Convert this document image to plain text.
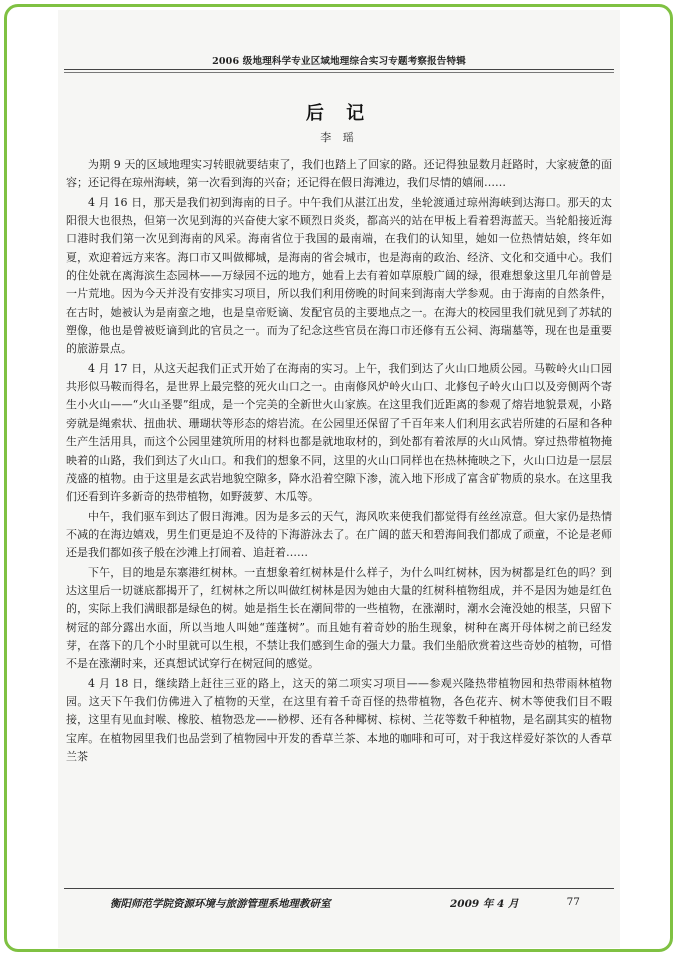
2006 级地理科学专业区域地理综合实习专题考察报告特辑
后 记
李 瑶

为期 9 天的区域地理实习转眼就要结束了，我们也踏上了回家的路。还记得独显数月赶路时，大家疲惫的面容；还记得在琼州海峡，第一次看到海的兴奋；还记得在假日海滩边，我们尽情的嬉闹……

4 月 16 日，那天是我们初到海南的日子。中午我们从湛江出发，坐轮渡通过琼州海峡到达海口。那天的太阳很大也很热，但第一次见到海的兴奋使大家不顾烈日炎炎，都高兴的站在甲板上看着碧海蓝天。当轮船接近海口港时我们第一次见到海南的风采。海南省位于我国的最南端，在我们的认知里，她如一位热情姑娘，终年如夏，欢迎着远方来客。海口市又叫做椰城，是海南的省会城市，也是海南的政治、经济、文化和交通中心。我们的住处就在离海滨生态园林——万绿园不远的地方，她看上去有着如草原般广阔的绿，很难想象这里几年前曾是一片荒地。因为今天并没有安排实习项目，所以我们利用傍晚的时间来到海南大学参观。由于海南的自然条件，在古时，她被认为是南蛮之地，也是皇帝贬谪、发配官员的主要地点之一。在海大的校园里我们就见到了苏轼的塑像，他也是曾被贬谪到此的官员之一。而为了纪念这些官员在海口市还修有五公祠、海瑞墓等，现在也是重要的旅游景点。

4 月 17 日，从这天起我们正式开始了在海南的实习。上午，我们到达了火山口地质公园。马鞍岭火山口园共形似马鞍而得名，是世界上最完整的死火山口之一。由南修风炉岭火山口、北修包子岭火山口以及旁侧两个寄生小火山——“火山圣婴”组成，是一个完美的全新世火山家族。在这里我们近距离的参观了熔岩地貌景观，小路旁就是绳索状、扭曲状、珊瑚状等形态的熔岩流。在公园里还保留了千百年来人们利用玄武岩所建的石屋和各种生产生活用具，而这个公园里建筑所用的材料也都是就地取材的，到处都有着浓厚的火山风情。穿过热带植物掩映着的山路，我们到达了火山口。和我们的想象不同，这里的火山口同样也在热林掩映之下，火山口边是一层层茂盛的植物。由于这里是玄武岩地貌空隙多，降水沿着空隙下渗，流入地下形成了富含矿物质的泉水。在这里我们还看到许多新奇的热带植物，如野菠萝、木瓜等。

中午，我们驱车到达了假日海滩。因为是多云的天气，海风吹来使我们都觉得有丝丝凉意。但大家仍是热情不减的在海边嬉戏，男生们更是迫不及待的下海游泳去了。在广阔的蓝天和碧海间我们都成了顽童，不论是老师还是我们都如孩子般在沙滩上打闹着、追赶着……

下午，目的地是东寨港红树林。一直想象着红树林是什么样子，为什么叫红树林，因为树都是红色的吗？到达这里后一切谜底都揭开了，红树林之所以叫做红树林是因为她由大量的红树科植物组成，并不是因为她是红色的，实际上我们满眼都是绿色的树。她是指生长在潮间带的一些植物，在涨潮时，潮水会淹没她的根茎，只留下树冠的部分露出水面，所以当地人叫她“莲蓬树”。而且她有着奇妙的胎生现象，树种在离开母体树之前已经发芽，在落下的几个小时里就可以生根，不禁让我们感到生命的强大力量。我们坐船欣赏着这些奇妙的植物，可惜不是在涨潮时来，还真想试试穿行在树冠间的感觉。

4 月 18 日，继续踏上赶往三亚的路上，这天的第二项实习项目——参观兴隆热带植物园和热带雨林植物园。这天下午我们仿佛进入了植物的天堂，在这里有着千奇百怪的热带植物，各色花卉、树木等使我们目不暇接，这里有见血封喉、橡胶、植物恐龙——桫椤、还有各种椰树、棕树、兰花等数千种植物，是名副其实的植物宝库。在植物园里我们也品尝到了植物园中开发的香草兰茶、本地的咖啡和可可，对于我这样爱好茶饮的人香草兰茶

衡阳师范学院资源环境与旅游管理系地理教研室	2009 年 4 月	77
